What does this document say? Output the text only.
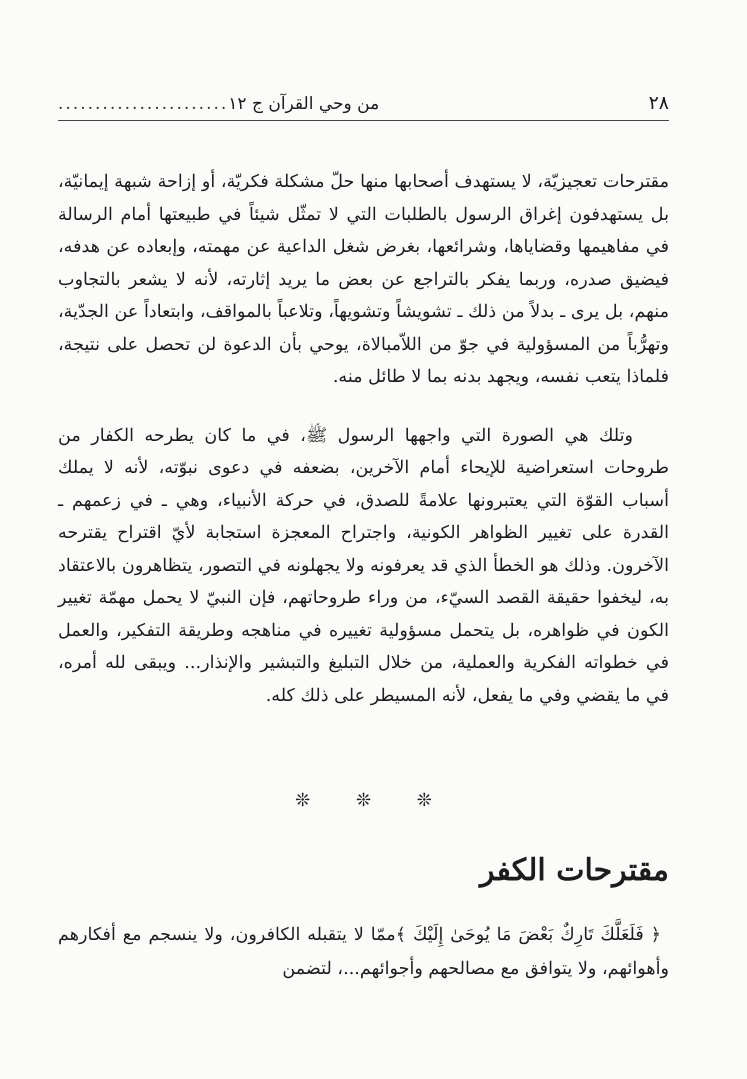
٢٨
من وحي القرآن ج ١٢
.......................

مقترحات تعجيزيّة، لا يستهدف أصحابها منها حلّ مشكلة فكريّة، أو إزاحة شبهة إيمانيّة، بل يستهدفون إغراق الرسول بالطلبات التي لا تمثّل شيئاً في طبيعتها أمام الرسالة في مفاهيمها وقضاياها، وشرائعها، بغرض شغل الداعية عن مهمته، وإبعاده عن هدفه، فيضيق صدره، وربما يفكر بالتراجع عن بعض ما يريد إثارته، لأنه لا يشعر بالتجاوب منهم، بل يرى ـ بدلاً من ذلك ـ تشويشاً وتشويهاً، وتلاعباً بالمواقف، وابتعاداً عن الجدّية، وتهرُّباً من المسؤولية في جوّ من اللاّمبالاة، يوحي بأن الدعوة لن تحصل على نتيجة، فلماذا يتعب نفسه، ويجهد بدنه بما لا طائل منه.

وتلك هي الصورة التي واجهها الرسول ﷺ، في ما كان يطرحه الكفار من طروحات استعراضية للإيحاء أمام الآخرين، بضعفه في دعوى نبوّته، لأنه لا يملك أسباب القوّة التي يعتبرونها علامةً للصدق، في حركة الأنبياء، وهي ـ في زعمهم ـ القدرة على تغيير الظواهر الكونية، واجتراح المعجزة استجابة لأيّ اقتراح يقترحه الآخرون. وذلك هو الخطأ الذي قد يعرفونه ولا يجهلونه في التصور، يتظاهرون بالاعتقاد به، ليخفوا حقيقة القصد السيّء، من وراء طروحاتهم، فإن النبيّ لا يحمل مهمّة تغيير الكون في ظواهره، بل يتحمل مسؤولية تغييره في مناهجه وطريقة التفكير، والعمل في خطواته الفكرية والعملية، من خلال التبليغ والتبشير والإنذار... ويبقى لله أمره، في ما يقضي وفي ما يفعل، لأنه المسيطر على ذلك كله.

❊ ❊ ❊
مقترحات الكفر

﴿ فَلَعَلَّكَ تَارِكٌ بَعْضَ مَا يُوحَىٰ إِلَيْكَ ﴾ممّا لا يتقبله الكافرون، ولا ينسجم مع أفكارهم وأهوائهم، ولا يتوافق مع مصالحهم وأجوائهم...، لتضمن
